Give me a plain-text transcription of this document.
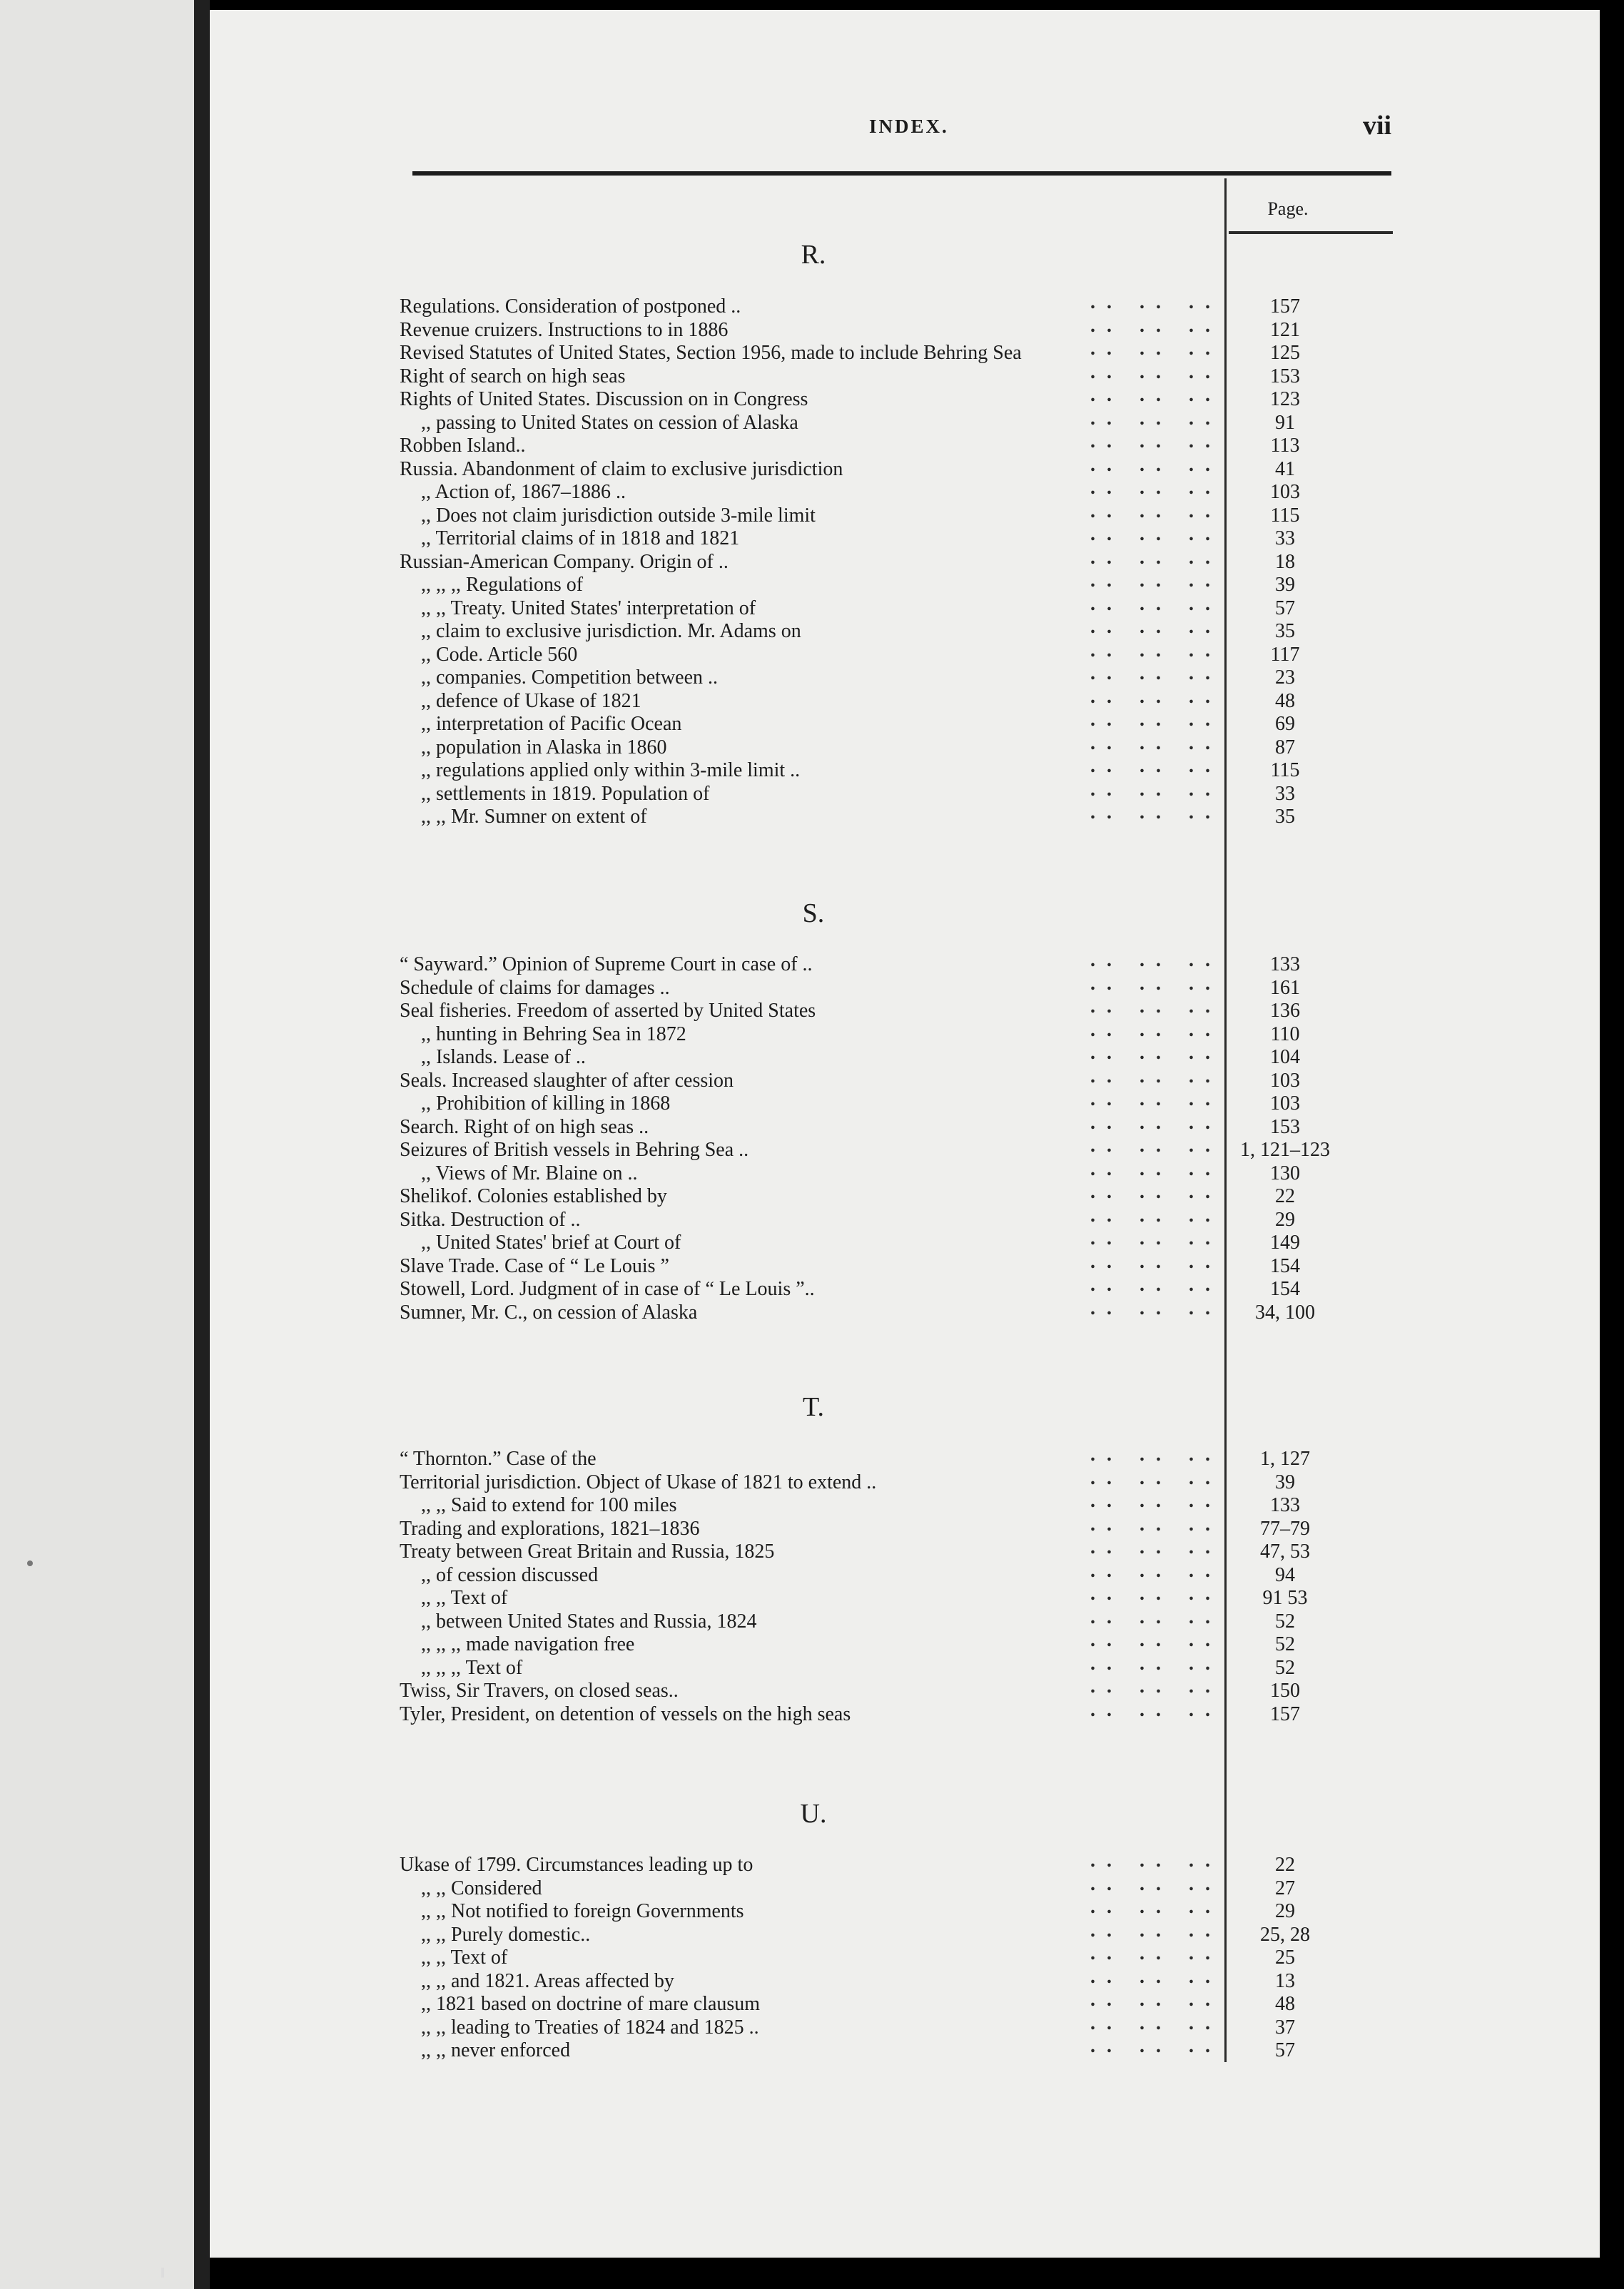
INDEX.	vii
Page.
R.
Regulations. Consideration of postponed ..	.. .. ..	157
Revenue cruizers. Instructions to in 1886	.. .. ..	121
Revised Statutes of United States, Section 1956, made to include Behring Sea	.. .. ..	125
Right of search on high seas	.. .. ..	153
Rights of United States. Discussion on in Congress	.. .. ..	123
,, passing to United States on cession of Alaska	.. .. ..	91
Robben Island..	.. .. ..	113
Russia. Abandonment of claim to exclusive jurisdiction	.. .. ..	41
,, Action of, 1867–1886 ..	.. .. ..	103
,, Does not claim jurisdiction outside 3-mile limit	.. .. ..	115
,, Territorial claims of in 1818 and 1821	.. .. ..	33
Russian-American Company. Origin of ..	.. .. ..	18
,, ,, ,, Regulations of	.. .. ..	39
,, ,, Treaty. United States' interpretation of	.. .. ..	57
,, claim to exclusive jurisdiction. Mr. Adams on	.. .. ..	35
,, Code. Article 560	.. .. ..	117
,, companies. Competition between ..	.. .. ..	23
,, defence of Ukase of 1821	.. .. ..	48
,, interpretation of Pacific Ocean	.. .. ..	69
,, population in Alaska in 1860	.. .. ..	87
,, regulations applied only within 3-mile limit ..	.. .. ..	115
,, settlements in 1819. Population of	.. .. ..	33
,, ,, Mr. Sumner on extent of	.. .. ..	35
S.
“ Sayward.” Opinion of Supreme Court in case of ..	.. .. ..	133
Schedule of claims for damages ..	.. .. ..	161
Seal fisheries. Freedom of asserted by United States	.. .. ..	136
,, hunting in Behring Sea in 1872	.. .. ..	110
,, Islands. Lease of ..	.. .. ..	104
Seals. Increased slaughter of after cession	.. .. ..	103
,, Prohibition of killing in 1868	.. .. ..	103
Search. Right of on high seas ..	.. .. ..	153
Seizures of British vessels in Behring Sea ..	.. .. .. 1, 121–123
,, Views of Mr. Blaine on ..	.. .. ..	130
Shelikof. Colonies established by	.. .. ..	22
Sitka. Destruction of ..	.. .. ..	29
,, United States' brief at Court of	.. .. ..	149
Slave Trade. Case of “ Le Louis ”	.. .. ..	154
Stowell, Lord. Judgment of in case of “ Le Louis ”..	.. .. ..	154
Sumner, Mr. C., on cession of Alaska	.. .. ..	34, 100
T.
“ Thornton.” Case of the	.. .. ..	1, 127
Territorial jurisdiction. Object of Ukase of 1821 to extend ..	.. .. ..	39
,, ,, Said to extend for 100 miles	.. .. ..	133
Trading and explorations, 1821–1836	.. .. ..	77–79
Treaty between Great Britain and Russia, 1825	.. .. ..	47, 53
,, of cession discussed	.. .. ..	94
,, ,, Text of	.. .. ..	91 53
,, between United States and Russia, 1824	.. .. ..	52
,, ,, ,, made navigation free	.. .. ..	52
,, ,, ,, Text of	.. .. ..	52
Twiss, Sir Travers, on closed seas..	.. .. ..	150
Tyler, President, on detention of vessels on the high seas	.. .. ..	157
U.
Ukase of 1799. Circumstances leading up to	.. .. ..	22
,, ,, Considered	.. .. ..	27
,, ,, Not notified to foreign Governments	.. .. ..	29
,, ,, Purely domestic..	.. .. ..	25, 28
,, ,, Text of	.. .. ..	25
,, ,, and 1821. Areas affected by	.. .. ..	13
,, 1821 based on doctrine of mare clausum	.. .. ..	48
,, ,, leading to Treaties of 1824 and 1825 ..	.. .. ..	37
,, ,, never enforced	.. .. ..	57
